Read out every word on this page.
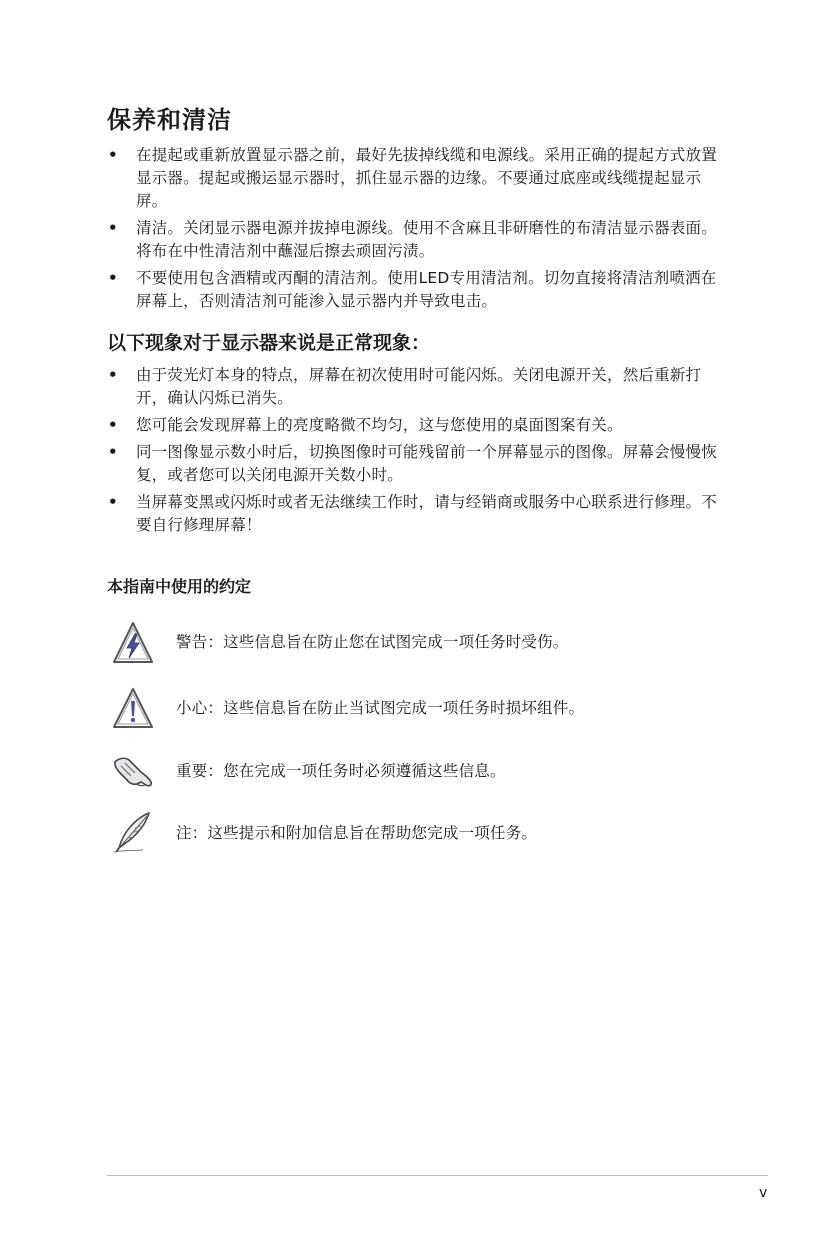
保养和清洁
• 在提起或重新放置显示器之前，最好先拔掉线缆和电源线。采用正确的提起方式放置显示器。提起或搬运显示器时，抓住显示器的边缘。不要通过底座或线缆提起显示屏。
• 清洁。关闭显示器电源并拔掉电源线。使用不含麻且非研磨性的布清洁显示器表面。将布在中性清洁剂中蘸湿后擦去顽固污渍。
• 不要使用包含酒精或丙酮的清洁剂。使用LED专用清洁剂。切勿直接将清洁剂喷洒在屏幕上，否则清洁剂可能渗入显示器内并导致电击。
以下现象对于显示器来说是正常现象：
• 由于荧光灯本身的特点，屏幕在初次使用时可能闪烁。关闭电源开关，然后重新打开，确认闪烁已消失。
• 您可能会发现屏幕上的亮度略微不均匀，这与您使用的桌面图案有关。
• 同一图像显示数小时后，切换图像时可能残留前一个屏幕显示的图像。屏幕会慢慢恢复，或者您可以关闭电源开关数小时。
• 当屏幕变黑或闪烁时或者无法继续工作时，请与经销商或服务中心联系进行修理。不要自行修理屏幕！
本指南中使用的约定
警告：这些信息旨在防止您在试图完成一项任务时受伤。
小心：这些信息旨在防止当试图完成一项任务时损坏组件。
重要：您在完成一项任务时必须遵循这些信息。
注：这些提示和附加信息旨在帮助您完成一项任务。
v
